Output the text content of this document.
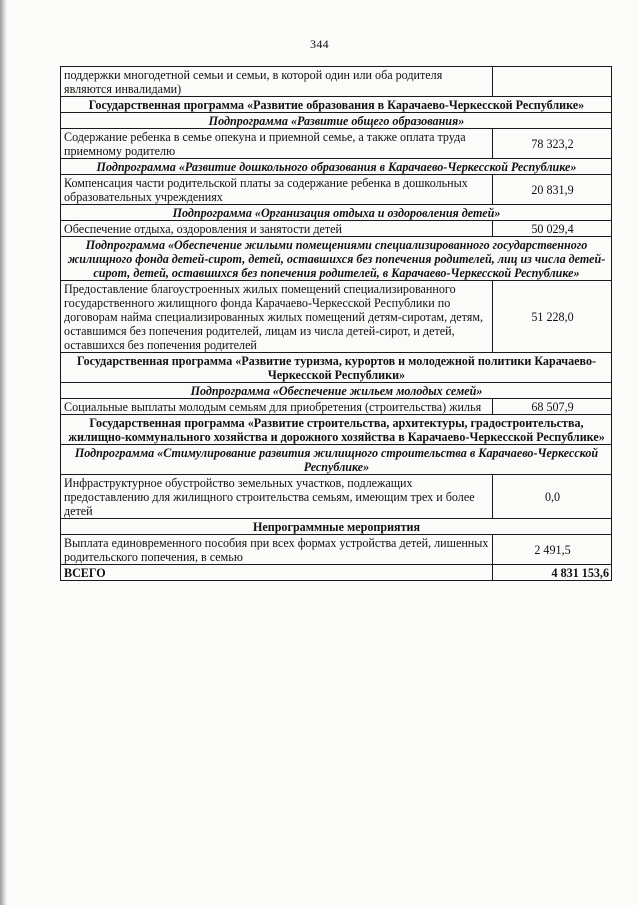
344
поддержки многодетной семьи и семьи, в которой один или оба родителя являются инвалидами)	
Государственная программа «Развитие образования в Карачаево-Черкесской Республике»	
Подпрограмма «Развитие общего образования»	
Содержание ребенка в семье опекуна и приемной семье, а также оплата труда приемному родителю	78 323,2
Подпрограмма «Развитие дошкольного образования в Карачаево-Черкесской Республике»	
Компенсация части родительской платы за содержание ребенка в дошкольных образовательных учреждениях	20 831,9
Подпрограмма «Организация отдыха и оздоровления детей»	
Обеспечение отдыха, оздоровления и занятости детей	50 029,4
Подпрограмма «Обеспечение жилыми помещениями специализированного государственного жилищного фонда детей-сирот, детей, оставшихся без попечения родителей, лиц из числа детей-сирот, детей, оставшихся без попечения родителей, в Карачаево-Черкесской Республике»	
Предоставление благоустроенных жилых помещений специализированного государственного жилищного фонда Карачаево-Черкесской Республики по договорам найма специализированных жилых помещений детям-сиротам, детям, оставшимся без попечения родителей, лицам из числа детей-сирот, и детей, оставшихся без попечения родителей	51 228,0
Государственная программа «Развитие туризма, курортов и молодежной политики Карачаево-Черкесской Республики»	
Подпрограмма «Обеспечение жильем молодых семей»	
Социальные выплаты молодым семьям для приобретения (строительства) жилья	68 507,9
Государственная программа «Развитие строительства, архитектуры, градостроительства, жилищно-коммунального хозяйства и дорожного хозяйства в Карачаево-Черкесской Республике»	
Подпрограмма «Стимулирование развития жилищного строительства в Карачаево-Черкесской Республике»	
Инфраструктурное обустройство земельных участков, подлежащих предоставлению для жилищного строительства семьям, имеющим трех и более детей	0,0
Непрограммные мероприятия	
Выплата единовременного пособия при всех формах устройства детей, лишенных родительского попечения, в семью	2 491,5
ВСЕГО	4 831 153,6
